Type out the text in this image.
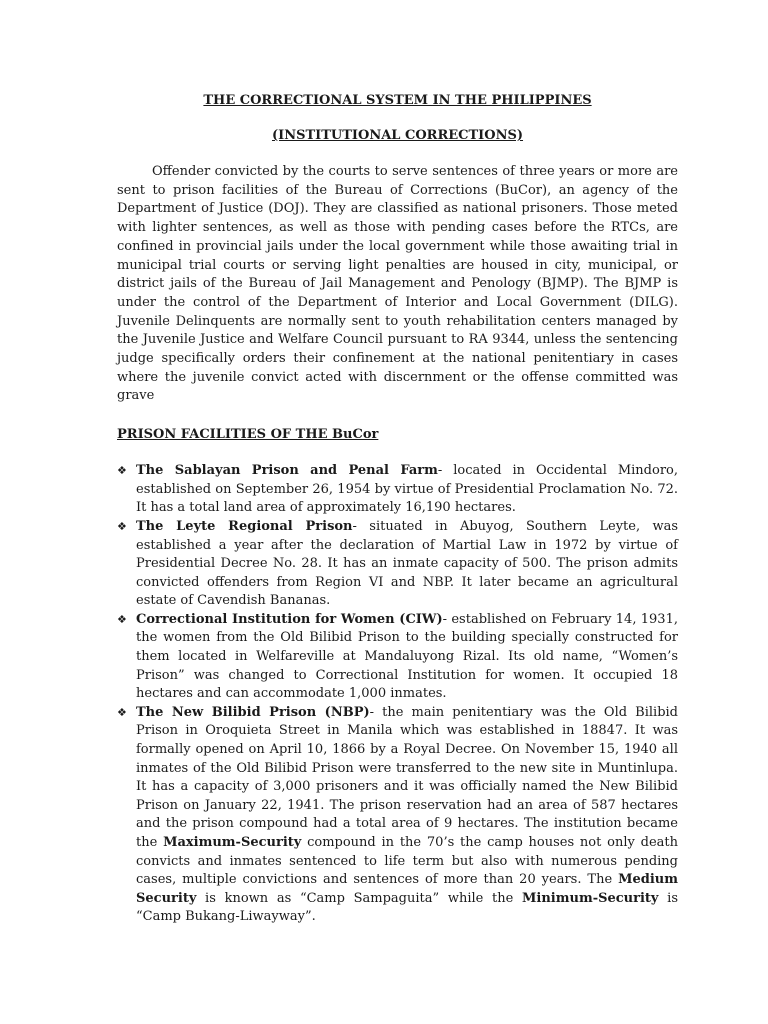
THE CORRECTIONAL SYSTEM IN THE PHILIPPINES

(INSTITUTIONAL CORRECTIONS)

Offender convicted by the courts to serve sentences of three years or more are sent to prison facilities of the Bureau of Corrections (BuCor), an agency of the Department of Justice (DOJ). They are classified as national prisoners. Those meted with lighter sentences, as well as those with pending cases before the RTCs, are confined in provincial jails under the local government while those awaiting trial in municipal trial courts or serving light penalties are housed in city, municipal, or district jails of the Bureau of Jail Management and Penology (BJMP). The BJMP is under the control of the Department of Interior and Local Government (DILG). Juvenile Delinquents are normally sent to youth rehabilitation centers managed by the Juvenile Justice and Welfare Council pursuant to RA 9344, unless the sentencing judge specifically orders their confinement at the national penitentiary in cases where the juvenile convict acted with discernment or the offense committed was grave

PRISON FACILITIES OF THE BuCor

❖ The Sablayan Prison and Penal Farm- located in Occidental Mindoro, established on September 26, 1954 by virtue of Presidential Proclamation No. 72. It has a total land area of approximately 16,190 hectares.
❖ The Leyte Regional Prison- situated in Abuyog, Southern Leyte, was established a year after the declaration of Martial Law in 1972 by virtue of Presidential Decree No. 28. It has an inmate capacity of 500. The prison admits convicted offenders from Region VI and NBP. It later became an agricultural estate of Cavendish Bananas.
❖ Correctional Institution for Women (CIW)- established on February 14, 1931, the women from the Old Bilibid Prison to the building specially constructed for them located in Welfareville at Mandaluyong Rizal. Its old name, “Women’s Prison” was changed to Correctional Institution for women. It occupied 18 hectares and can accommodate 1,000 inmates.
❖ The New Bilibid Prison (NBP)- the main penitentiary was the Old Bilibid Prison in Oroquieta Street in Manila which was established in 18847. It was formally opened on April 10, 1866 by a Royal Decree. On November 15, 1940 all inmates of the Old Bilibid Prison were transferred to the new site in Muntinlupa. It has a capacity of 3,000 prisoners and it was officially named the New Bilibid Prison on January 22, 1941. The prison reservation had an area of 587 hectares and the prison compound had a total area of 9 hectares. The institution became the Maximum-Security compound in the 70’s the camp houses not only death convicts and inmates sentenced to life term but also with numerous pending cases, multiple convictions and sentences of more than 20 years. The Medium Security is known as “Camp Sampaguita” while the Minimum-Security is “Camp Bukang-Liwayway”.
